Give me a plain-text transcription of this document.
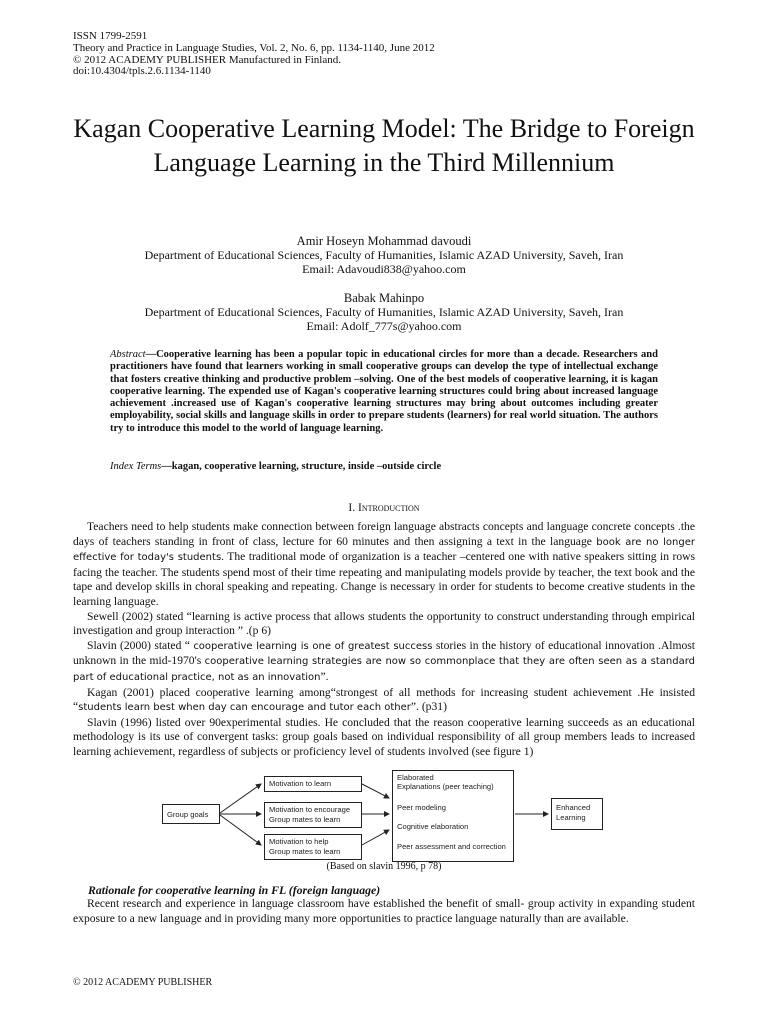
ISSN 1799-2591
Theory and Practice in Language Studies, Vol. 2, No. 6, pp. 1134-1140, June 2012
© 2012 ACADEMY PUBLISHER Manufactured in Finland.
doi:10.4304/tpls.2.6.1134-1140
Kagan Cooperative Learning Model: The Bridge to Foreign Language Learning in the Third Millennium
Amir Hoseyn Mohammad davoudi
Department of Educational Sciences, Faculty of Humanities, Islamic AZAD University, Saveh, Iran
Email: Adavoudi838@yahoo.com
Babak Mahinpo
Department of Educational Sciences, Faculty of Humanities, Islamic AZAD University, Saveh, Iran
Email: Adolf_777s@yahoo.com
Abstract—Cooperative learning has been a popular topic in educational circles for more than a decade. Researchers and practitioners have found that learners working in small cooperative groups can develop the type of intellectual exchange that fosters creative thinking and productive problem –solving. One of the best models of cooperative learning, it is kagan cooperative learning. The expended use of Kagan's cooperative learning structures could bring about increased language achievement .increased use of Kagan's cooperative learning structures may bring about outcomes including greater employability, social skills and language skills in order to prepare students (learners) for real world situation. The authors try to introduce this model to the world of language learning.
Index Terms—kagan, cooperative learning, structure, inside –outside circle
I. Introduction

Teachers need to help students make connection between foreign language abstracts concepts and language concrete concepts .the days of teachers standing in front of class, lecture for 60 minutes and then assigning a text in the language book are no longer effective for today's students. The traditional mode of organization is a teacher –centered one with native speakers sitting in rows facing the teacher. The students spend most of their time repeating and manipulating models provide by teacher, the text book and the tape and develop skills in choral speaking and repeating. Change is necessary in order for students to become creative students in the learning language.

Sewell (2002) stated “learning is active process that allows students the opportunity to construct understanding through empirical investigation and group interaction ” .(p 6)

Slavin (2000) stated “ cooperative learning is one of greatest success stories in the history of educational innovation .Almost unknown in the mid-1970's cooperative learning strategies are now so commonplace that they are often seen as a standard part of educational practice, not as an innovation”.

Kagan (2001) placed cooperative learning among“strongest of all methods for increasing student achievement .He insisted “students learn best when day can encourage and tutor each other”. (p31)

Slavin (1996) listed over 90experimental studies. He concluded that the reason cooperative learning succeeds as an educational methodology is its use of convergent tasks: group goals based on individual responsibility of all group members leads to increased learning achievement, regardless of subjects or proficiency level of students involved (see figure 1)

Group goals
Motivation to learn
Motivation to encourage
Group mates to learn
Motivation to help
Group mates to learn
Elaborated
Explanations (peer teaching)
Peer modeling
Cognitive elaboration
Peer assessment and correction
Enhanced
Learning
(Based on slavin 1996, p 78)
Rationale for cooperative learning in FL (foreign language)

Recent research and experience in language classroom have established the benefit of small- group activity in expanding student exposure to a new language and in providing many more opportunities to practice language naturally than are available.

© 2012 ACADEMY PUBLISHER
